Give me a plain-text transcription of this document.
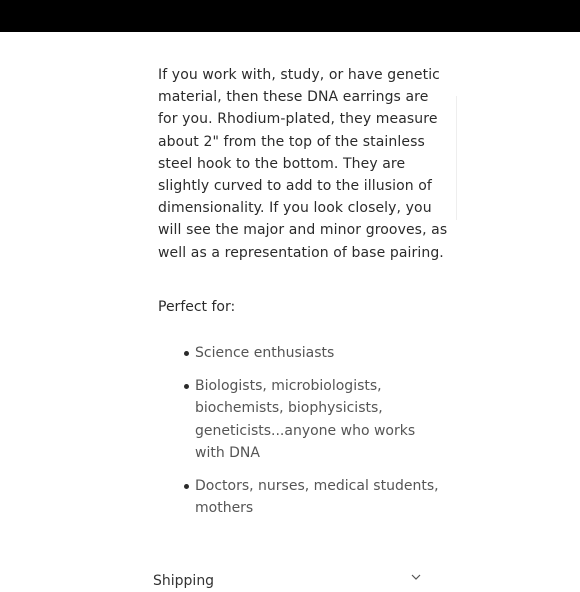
If you work with, study, or have genetic material, then these DNA earrings are for you. Rhodium-plated, they measure about 2" from the top of the stainless steel hook to the bottom. They are slightly curved to add to the illusion of dimensionality. If you look closely, you will see the major and minor grooves, as well as a representation of base pairing.

Perfect for:

Science enthusiasts
Biologists, microbiologists, biochemists, biophysicists, geneticists...anyone who works with DNA
Doctors, nurses, medical students, mothers
Shipping
